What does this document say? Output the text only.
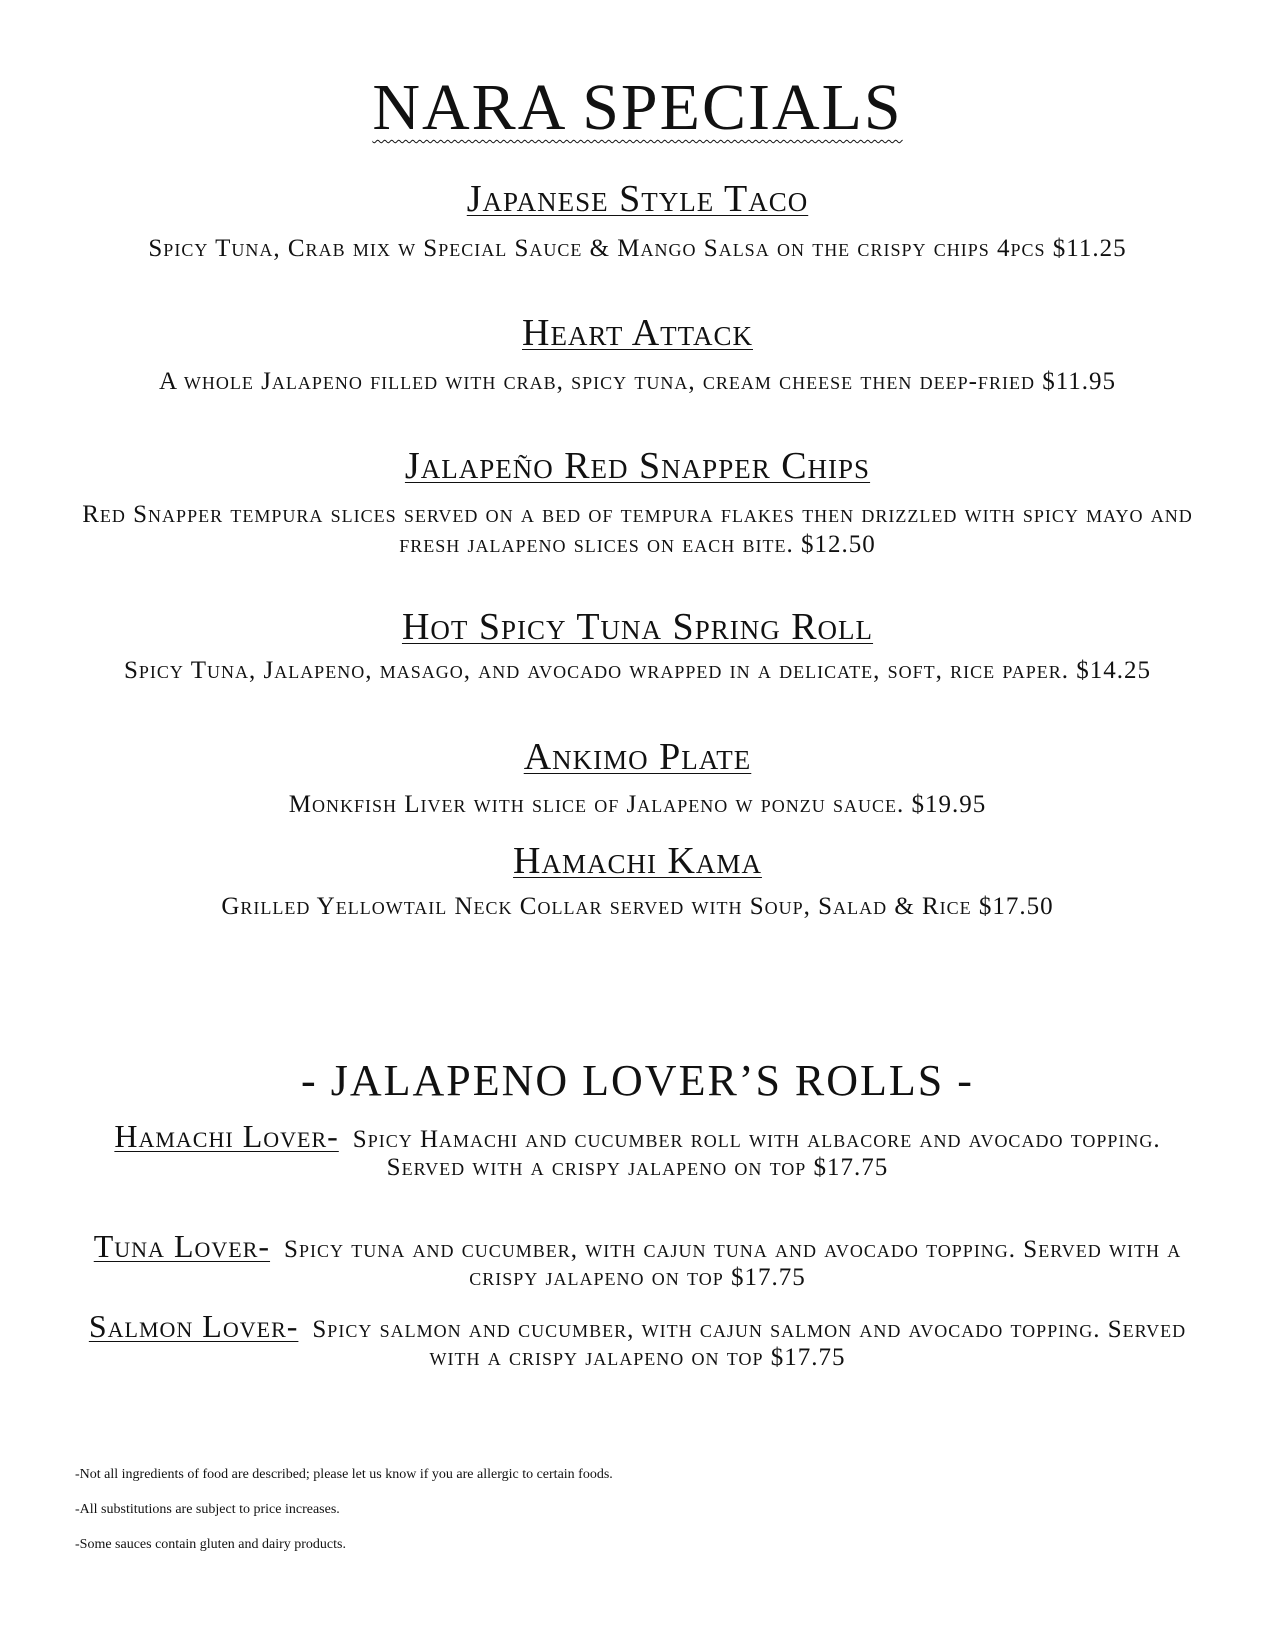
NARA SPECIALS
Japanese Style Taco
Spicy Tuna, Crab mix w Special Sauce & Mango Salsa on the crispy chips 4pcs $11.25
Heart Attack
A whole Jalapeno filled with crab, spicy tuna, cream cheese then deep-fried $11.95
Jalapeño Red Snapper Chips
Red Snapper tempura slices served on a bed of tempura flakes then drizzled with spicy mayo and fresh jalapeno slices on each bite. $12.50
Hot Spicy Tuna Spring Roll
Spicy Tuna, Jalapeno, masago, and avocado wrapped in a delicate, soft, rice paper. $14.25
Ankimo Plate
Monkfish Liver with slice of Jalapeno w ponzu sauce. $19.95
Hamachi Kama
Grilled Yellowtail Neck Collar served with Soup, Salad & Rice $17.50
- JALAPENO LOVER’S ROLLS -
Hamachi Lover- Spicy Hamachi and cucumber roll with albacore and avocado topping. Served with a crispy jalapeno on top $17.75
Tuna Lover- Spicy tuna and cucumber, with cajun tuna and avocado topping. Served with a crispy jalapeno on top $17.75
Salmon Lover- Spicy salmon and cucumber, with cajun salmon and avocado topping. Served with a crispy jalapeno on top $17.75
-Not all ingredients of food are described; please let us know if you are allergic to certain foods.
-All substitutions are subject to price increases.
-Some sauces contain gluten and dairy products.
